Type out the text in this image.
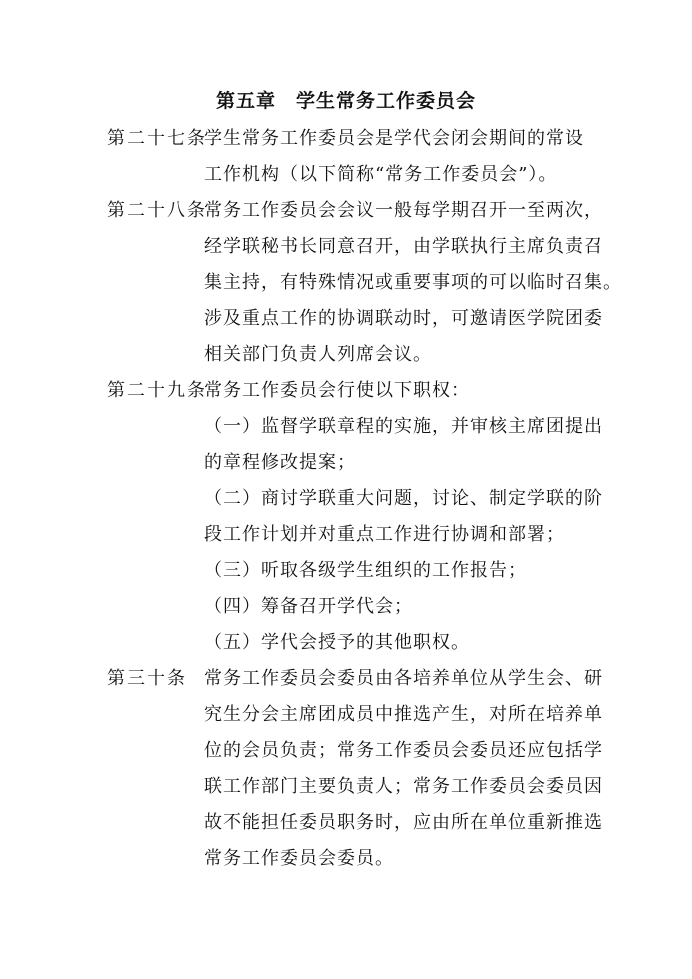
第五章　学生常务工作委员会
第二十七条
学生常务工作委员会是学代会闭会期间的常设
工作机构（以下简称“常务工作委员会”）。
第二十八条
常务工作委员会会议一般每学期召开一至两次，
经学联秘书长同意召开，由学联执行主席负责召
集主持，有特殊情况或重要事项的可以临时召集。
涉及重点工作的协调联动时，可邀请医学院团委
相关部门负责人列席会议。
第二十九条
常务工作委员会行使以下职权：
（一）监督学联章程的实施，并审核主席团提出
的章程修改提案；
（二）商讨学联重大问题，讨论、制定学联的阶
段工作计划并对重点工作进行协调和部署；
（三）听取各级学生组织的工作报告；
（四）筹备召开学代会；
（五）学代会授予的其他职权。
第三十条 常务工作委员会委员由各培养单位从学生会、研
究生分会主席团成员中推选产生，对所在培养单
位的会员负责；常务工作委员会委员还应包括学
联工作部门主要负责人；常务工作委员会委员因
故不能担任委员职务时，应由所在单位重新推选
常务工作委员会委员。
